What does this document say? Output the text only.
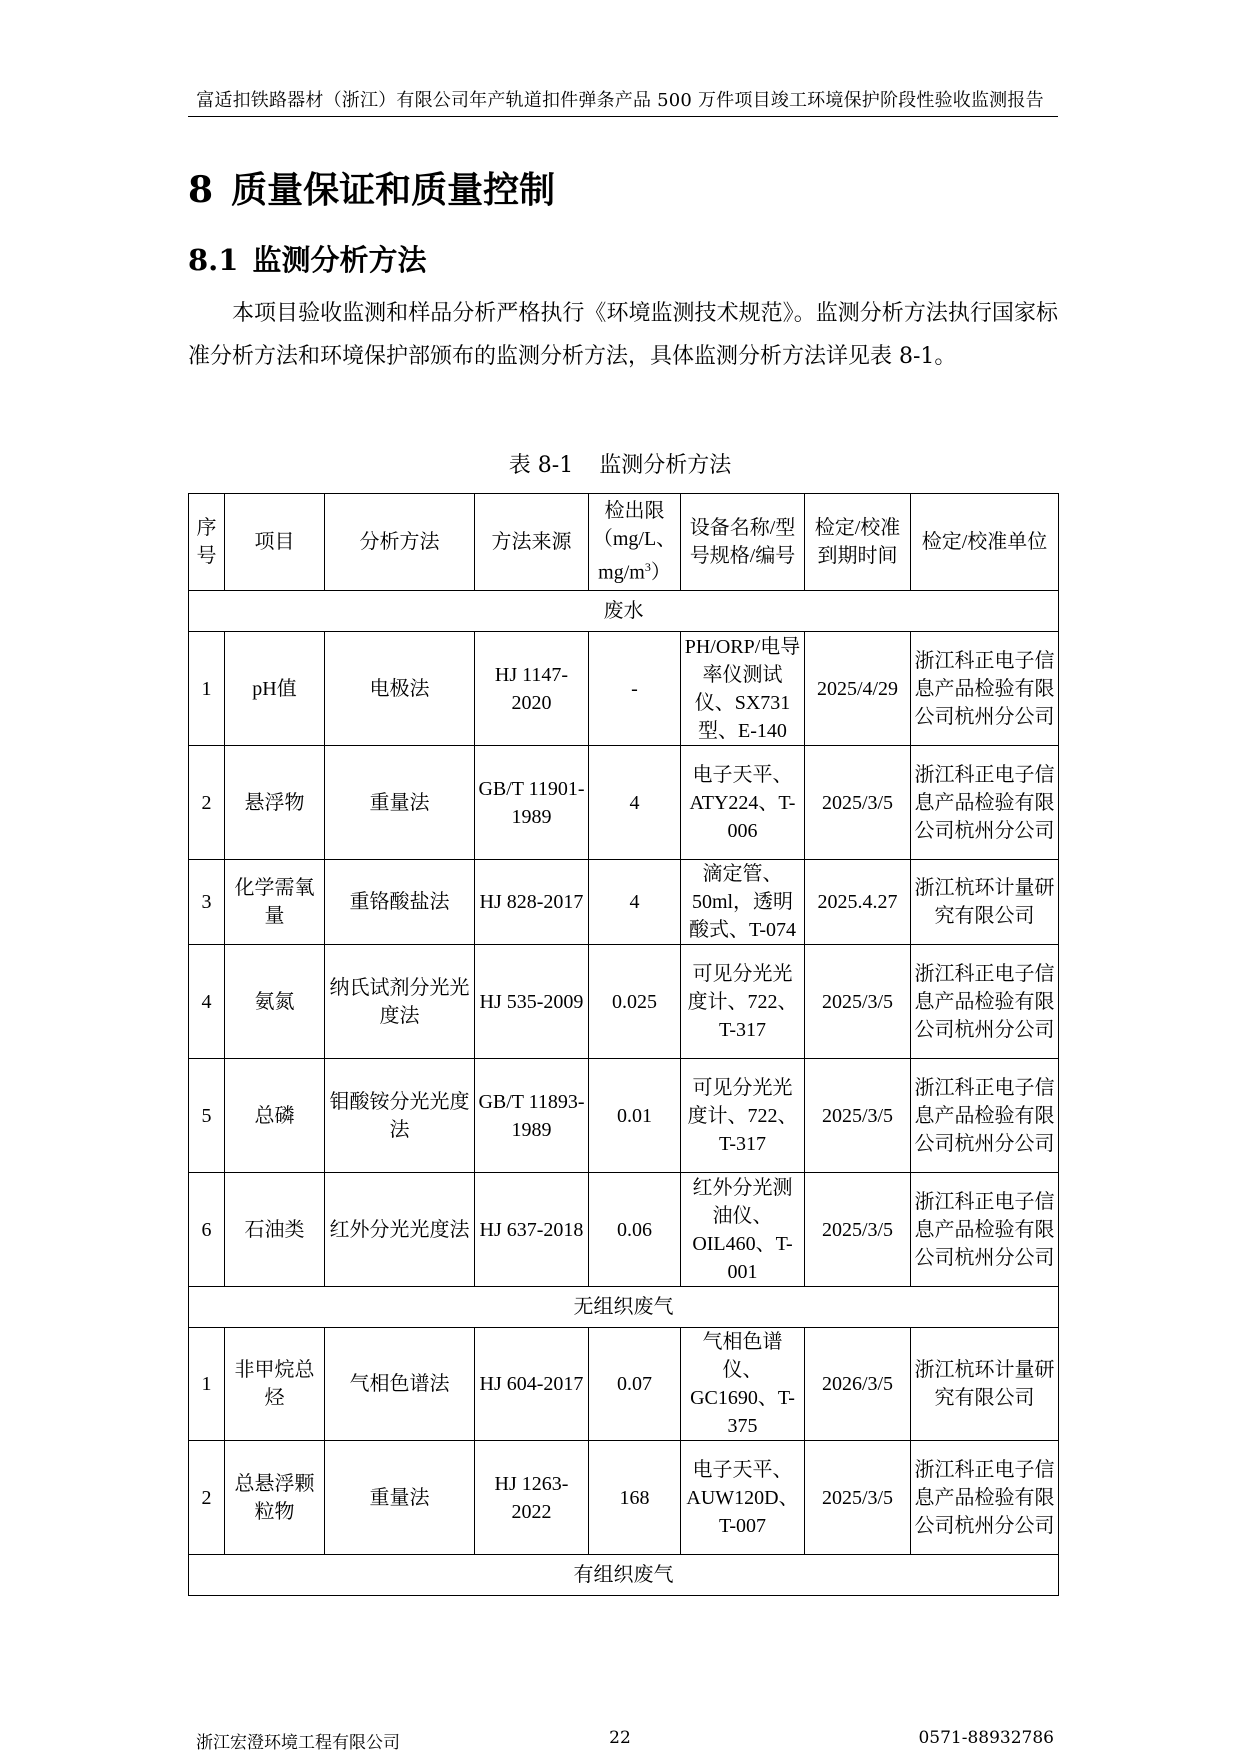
富适扣铁路器材（浙江）有限公司年产轨道扣件弹条产品 500 万件项目竣工环境保护阶段性验收监测报告
8 质量保证和质量控制
8.1 监测分析方法
本项目验收监测和样品分析严格执行《环境监测技术规范》。监测分析方法执行国家标准分析方法和环境保护部颁布的监测分析方法，具体监测分析方法详见表 8-1。
表 8-1 监测分析方法
序号	项目	分析方法	方法来源	检出限（mg/L、$mg/m^3$）	设备名称/型号规格/编号	检定/校准到期时间	检定/校准单位
废水							
1	pH值	电极法	HJ 1147-2020	-	PH/ORP/电导率仪测试仪、SX731型、E-140	2025/4/29	浙江科正电子信息产品检验有限公司杭州分公司
2	悬浮物	重量法	GB/T 11901-1989	4	电子天平、ATY224、T-006	2025/3/5	浙江科正电子信息产品检验有限公司杭州分公司
3	化学需氧量	重铬酸盐法	HJ 828-2017	4	滴定管、50ml，透明酸式、T-074	2025.4.27	浙江杭环计量研究有限公司
4	氨氮	纳氏试剂分光光度法	HJ 535-2009	0.025	可见分光光度计、722、T-317	2025/3/5	浙江科正电子信息产品检验有限公司杭州分公司
5	总磷	钼酸铵分光光度法	GB/T 11893-1989	0.01	可见分光光度计、722、T-317	2025/3/5	浙江科正电子信息产品检验有限公司杭州分公司
6	石油类	红外分光光度法	HJ 637-2018	0.06	红外分光测油仪、OIL460、T-001	2025/3/5	浙江科正电子信息产品检验有限公司杭州分公司
无组织废气							
1	非甲烷总烃	气相色谱法	HJ 604-2017	0.07	气相色谱仪、GC1690、T-375	2026/3/5	浙江杭环计量研究有限公司
2	总悬浮颗粒物	重量法	HJ 1263-2022	168	电子天平、AUW120D、T-007	2025/3/5	浙江科正电子信息产品检验有限公司杭州分公司
有组织废气							
浙江宏澄环境工程有限公司	22	0571-88932786
